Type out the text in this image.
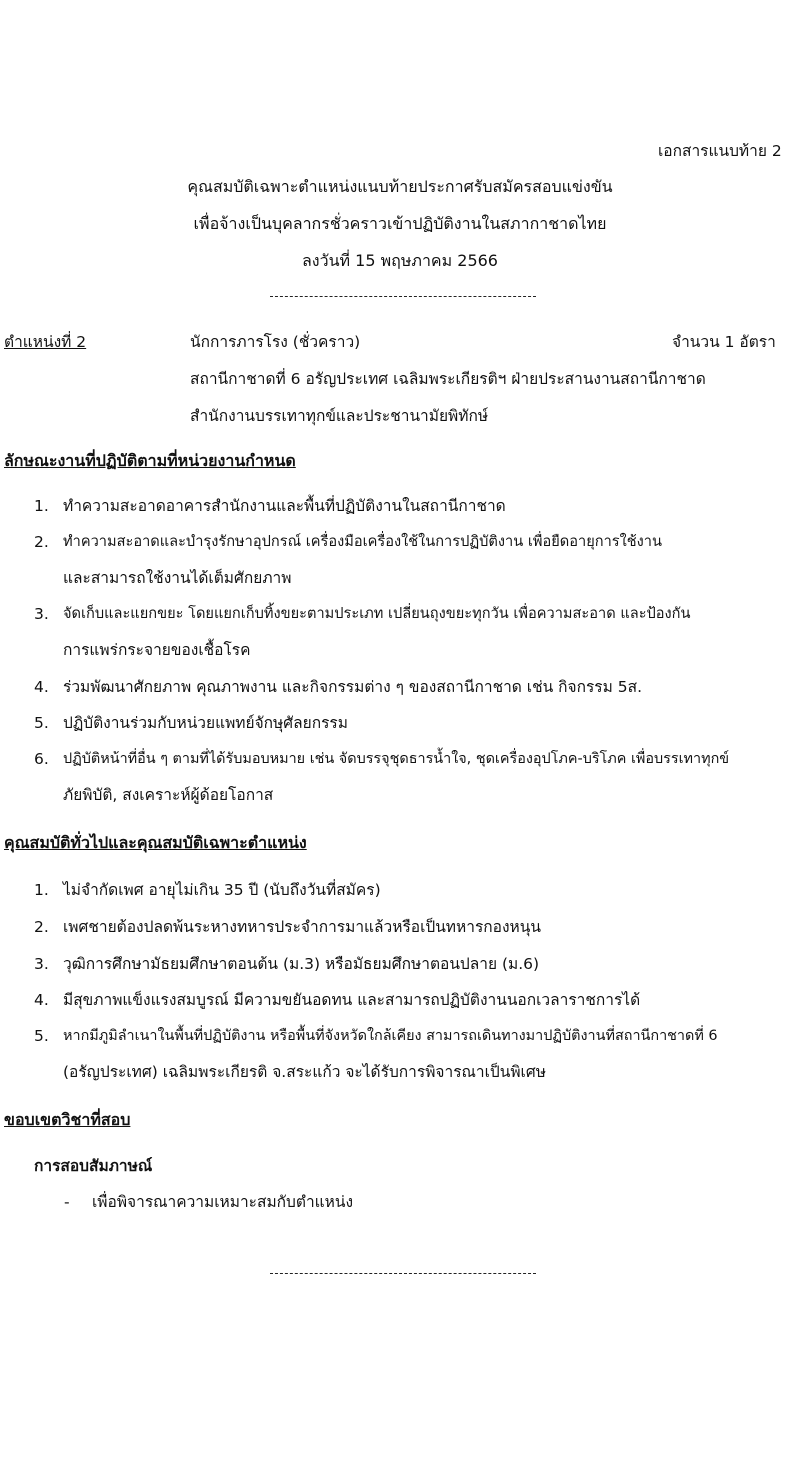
เอกสารแนบท้าย 2
คุณสมบัติเฉพาะตำแหน่งแนบท้ายประกาศรับสมัครสอบแข่งขัน
เพื่อจ้างเป็นบุคลากรชั่วคราวเข้าปฏิบัติงานในสภากาชาดไทย
ลงวันที่ 15 พฤษภาคม 2566
ตำแหน่งที่ 2	นักการภารโรง (ชั่วคราว)	จำนวน 1 อัตรา
สถานีกาชาดที่ 6 อรัญประเทศ เฉลิมพระเกียรติฯ ฝ่ายประสานงานสถานีกาชาด
สำนักงานบรรเทาทุกข์และประชานามัยพิทักษ์
ลักษณะงานที่ปฏิบัติตามที่หน่วยงานกำหนด
1. ทำความสะอาดอาคารสำนักงานและพื้นที่ปฏิบัติงานในสถานีกาชาด
2. ทำความสะอาดและบำรุงรักษาอุปกรณ์ เครื่องมือเครื่องใช้ในการปฏิบัติงาน เพื่อยืดอายุการใช้งาน
และสามารถใช้งานได้เต็มศักยภาพ
3. จัดเก็บและแยกขยะ โดยแยกเก็บทิ้งขยะตามประเภท เปลี่ยนถุงขยะทุกวัน เพื่อความสะอาด และป้องกัน
การแพร่กระจายของเชื้อโรค
4. ร่วมพัฒนาศักยภาพ คุณภาพงาน และกิจกรรมต่าง ๆ ของสถานีกาชาด เช่น กิจกรรม 5ส.
5. ปฏิบัติงานร่วมกับหน่วยแพทย์จักษุศัลยกรรม
6. ปฏิบัติหน้าที่อื่น ๆ ตามที่ได้รับมอบหมาย เช่น จัดบรรจุชุดธารน้ำใจ, ชุดเครื่องอุปโภค-บริโภค เพื่อบรรเทาทุกข์
ภัยพิบัติ, สงเคราะห์ผู้ด้อยโอกาส
คุณสมบัติทั่วไปและคุณสมบัติเฉพาะตำแหน่ง
1. ไม่จำกัดเพศ อายุไม่เกิน 35 ปี (นับถึงวันที่สมัคร)
2. เพศชายต้องปลดพ้นระหางทหารประจำการมาแล้วหรือเป็นทหารกองหนุน
3. วุฒิการศึกษามัธยมศึกษาตอนต้น (ม.3) หรือมัธยมศึกษาตอนปลาย (ม.6)
4. มีสุขภาพแข็งแรงสมบูรณ์ มีความขยันอดทน และสามารถปฏิบัติงานนอกเวลาราชการได้
5. หากมีภูมิลำเนาในพื้นที่ปฏิบัติงาน หรือพื้นที่จังหวัดใกล้เคียง สามารถเดินทางมาปฏิบัติงานที่สถานีกาชาดที่ 6
(อรัญประเทศ) เฉลิมพระเกียรติ จ.สระแก้ว จะได้รับการพิจารณาเป็นพิเศษ
ขอบเขตวิชาที่สอบ
การสอบสัมภาษณ์
- เพื่อพิจารณาความเหมาะสมกับตำแหน่ง
